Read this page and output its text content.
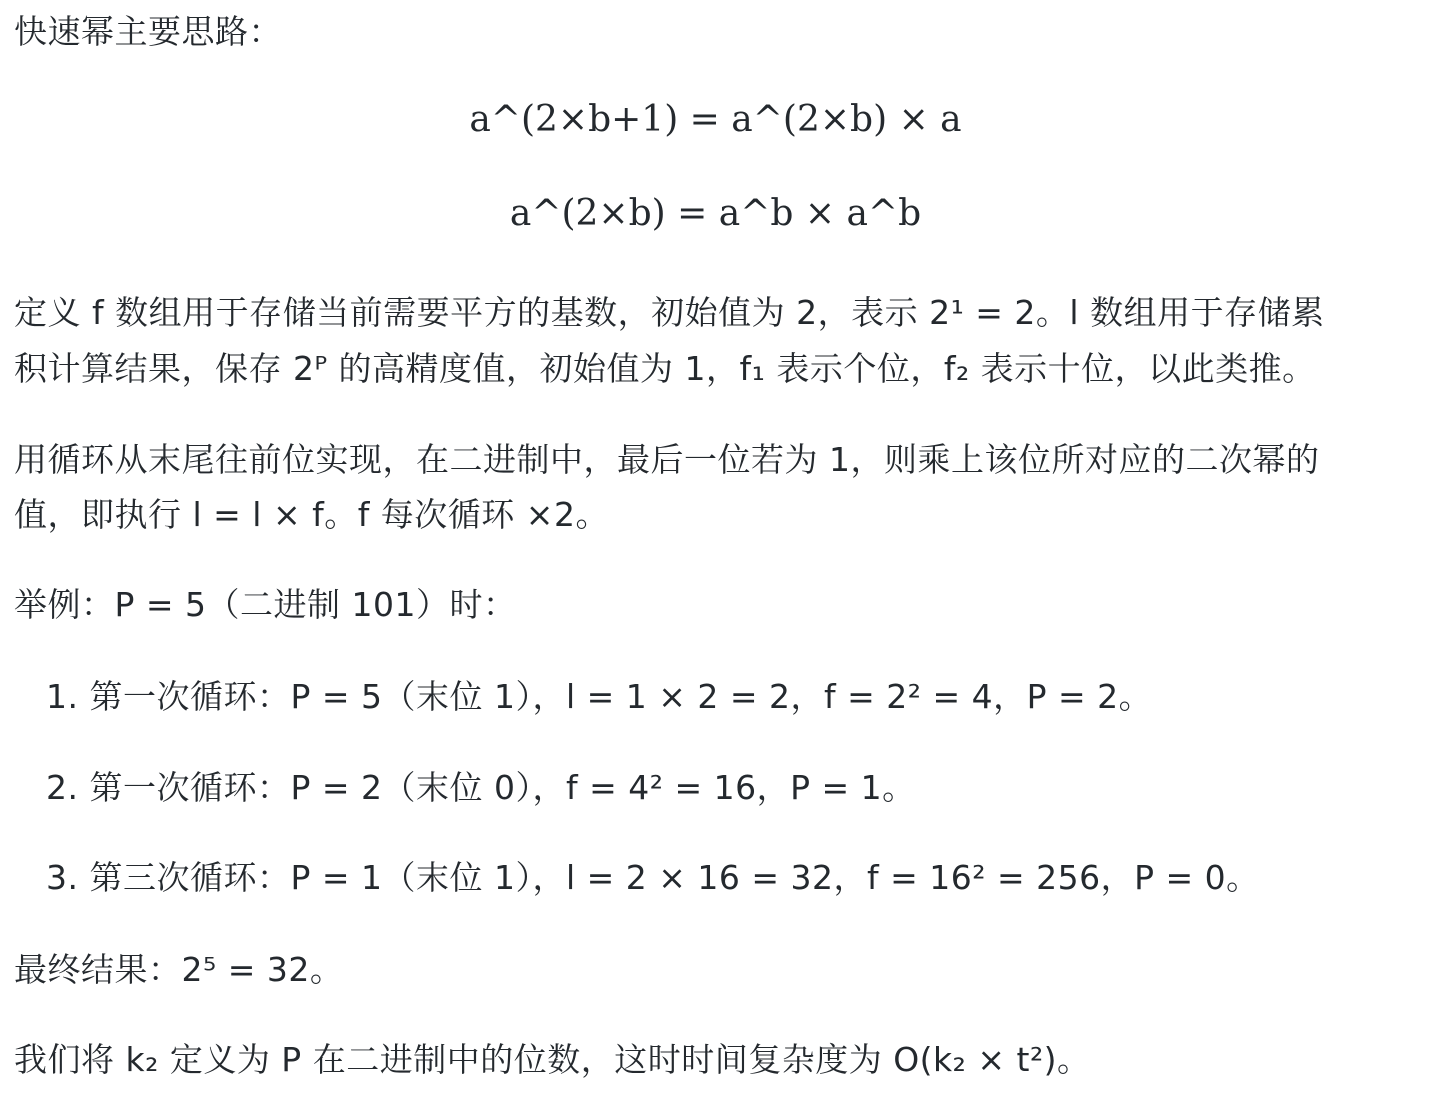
快速幂主要思路：
a^(2×b+1) = a^(2×b) × a
a^(2×b) = a^b × a^b
定义 f 数组用于存储当前需要平方的基数，初始值为 2，表示 2¹ = 2。l 数组用于存储累
积计算结果，保存 2ᴾ 的高精度值，初始值为 1，f₁ 表示个位，f₂ 表示十位，以此类推。
用循环从末尾往前位实现，在二进制中，最后一位若为 1，则乘上该位所对应的二次幂的
值，即执行 l = l × f。f 每次循环 ×2。
举例：P = 5（二进制 101）时：
1. 第一次循环：P = 5（末位 1），l = 1 × 2 = 2，f = 2² = 4，P = 2。
2. 第一次循环：P = 2（末位 0），f = 4² = 16，P = 1。
3. 第三次循环：P = 1（末位 1），l = 2 × 16 = 32，f = 16² = 256，P = 0。
最终结果：2⁵ = 32。
我们将 k₂ 定义为 P 在二进制中的位数，这时时间复杂度为 O(k₂ × t²)。
